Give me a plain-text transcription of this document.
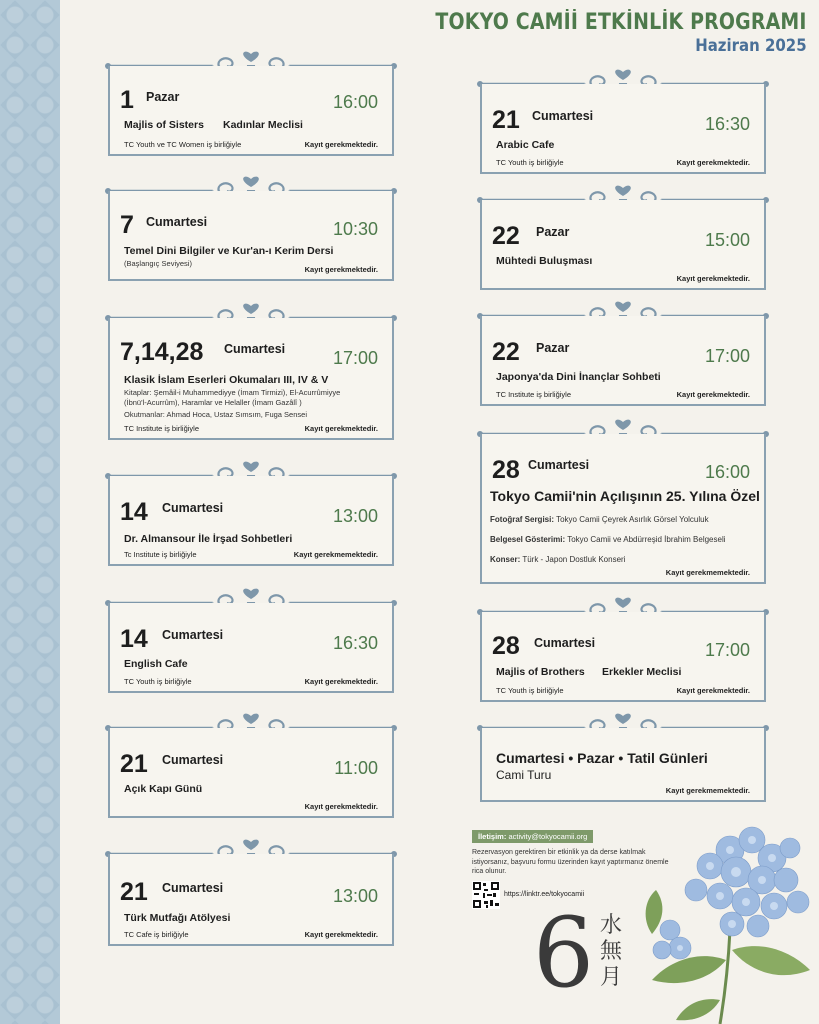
TOKYO CAMİİ ETKİNLİK PROGRAMI
Haziran 2025
1 Pazar	16:00
Majlis of Sisters Kadınlar Meclisi
TC Youth ve TC Women iş birliğiyle	Kayıt gerekmektedir.
7 Cumartesi	10:30
Temel Dini Bilgiler ve Kur'an-ı Kerim Dersi
(Başlangıç Seviyesi)
Kayıt gerekmektedir.
7,14,28 Cumartesi	17:00
Klasik İslam Eserleri Okumaları III, IV & V
Kitaplar: Şemâil-i Muhammediyye (İmam Tirmizi), El-Acurrûmiyye
(İbnü'l-Acurrûm), Haramlar ve Helaller (İmam Gazâlî )
Okutmanlar: Ahmad Hoca, Ustaz Sımsım, Fuga Sensei
TC Institute iş birliğiyle	Kayıt gerekmektedir.
14 Cumartesi	13:00
Dr. Almansour İle İrşad Sohbetleri
Tc Institute iş birliğiyle	Kayıt gerekmemektedir.
14 Cumartesi	16:30
English Cafe
TC Youth iş birliğiyle	Kayıt gerekmektedir.
21 Cumartesi	11:00
Açık Kapı Günü
Kayıt gerekmektedir.
21 Cumartesi	13:00
Türk Mutfağı Atölyesi
TC Cafe iş birliğiyle	Kayıt gerekmektedir.
21 Cumartesi	16:30
Arabic Cafe
TC Youth iş birliğiyle	Kayıt gerekmektedir.
22 Pazar	15:00
Mühtedi Buluşması
Kayıt gerekmektedir.
22 Pazar	17:00
Japonya'da Dini İnançlar Sohbeti
TC Institute iş birliğiyle	Kayıt gerekmektedir.
28 Cumartesi	16:00
Tokyo Camii'nin Açılışının 25. Yılına Özel
Fotoğraf Sergisi: Tokyo Camii Çeyrek Asırlık Görsel Yolculuk
Belgesel Gösterimi: Tokyo Camii ve Abdürreşid İbrahim Belgeseli
Konser: Türk - Japon Dostluk Konseri
Kayıt gerekmemektedir.
28 Cumartesi	17:00
Majlis of Brothers Erkekler Meclisi
TC Youth iş birliğiyle	Kayıt gerekmektedir.
Cumartesi • Pazar • Tatil Günleri
Cami Turu
Kayıt gerekmemektedir.
İletişim: activity@tokyocamii.org
Rezervasyon gerektiren bir etkinlik ya da derse katılmak istiyorsanız, başvuru formu üzerinden kayıt yaptırmanız önemle rica olunur.
https://linktr.ee/tokyocamii
6 水
無
月
